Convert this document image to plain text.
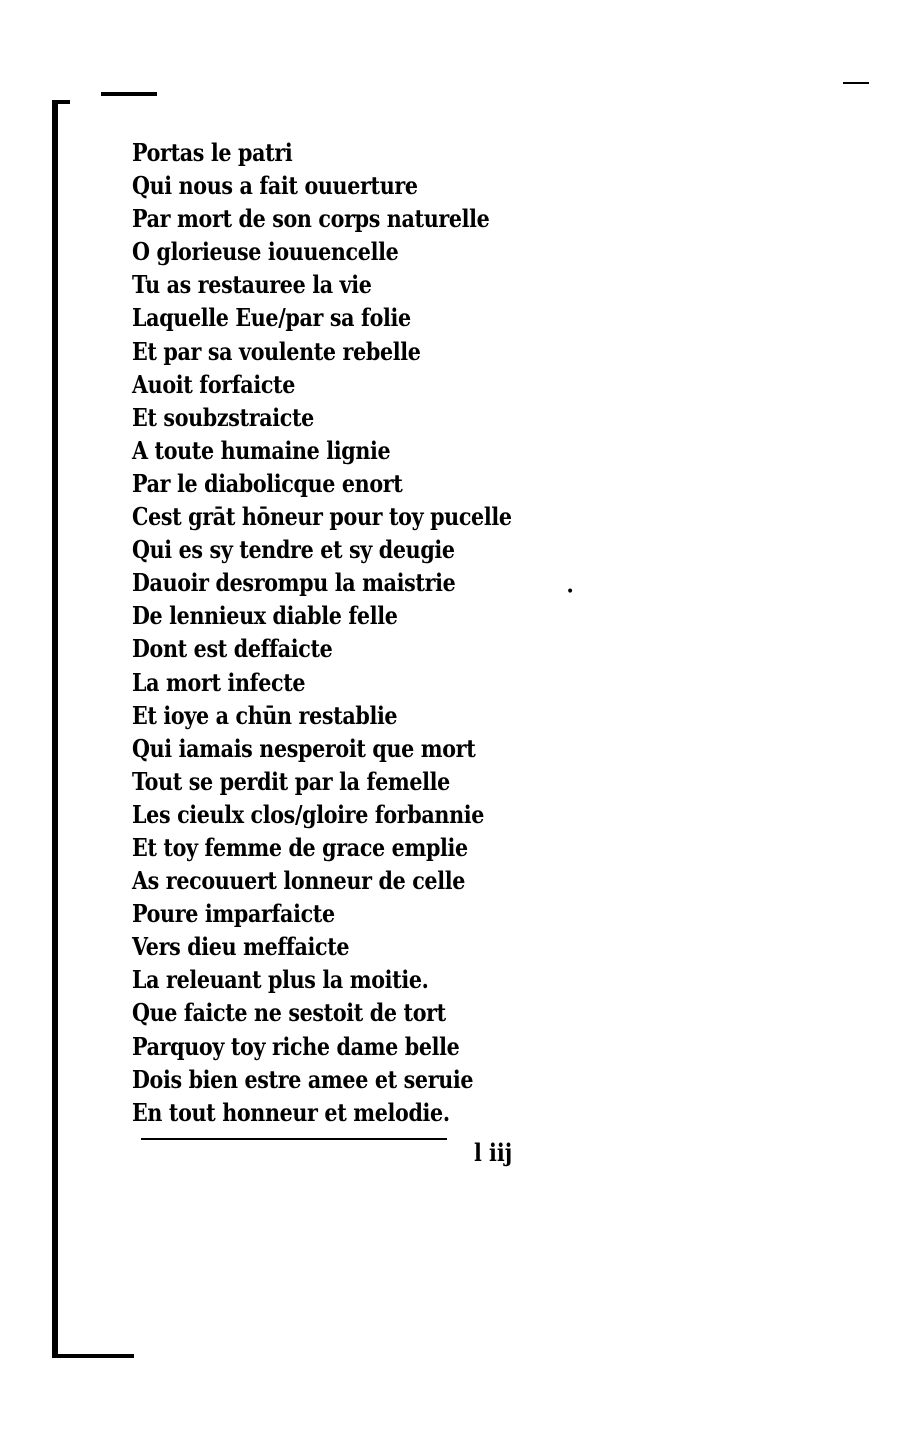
•
Portas le patri
Qui nous a fait ouuerture
Par mort de son corps naturelle
O glorieuse iouuencelle
Tu as restauree la vie
Laquelle Eue/par sa folie
Et par sa voulente rebelle
Auoit forfaicte
Et soubzstraicte
A toute humaine lignie
Par le diabolicque enort
Cest grāt hōneur pour toy pucelle
Qui es sy tendre et sy deugie
Dauoir desrompu la maistrie
De lennieux diable felle
Dont est deffaicte
La mort infecte
Et ioye a chūn restablie
Qui iamais nesperoit que mort
Tout se perdit par la femelle
Les cieulx clos/gloire forbannie
Et toy femme de grace emplie
As recouuert lonneur de celle
Poure imparfaicte
Vers dieu meffaicte
La releuant plus la moitie.
Que faicte ne sestoit de tort
Parquoy toy riche dame belle
Dois bien estre amee et seruie
En tout honneur et melodie.
l iij
